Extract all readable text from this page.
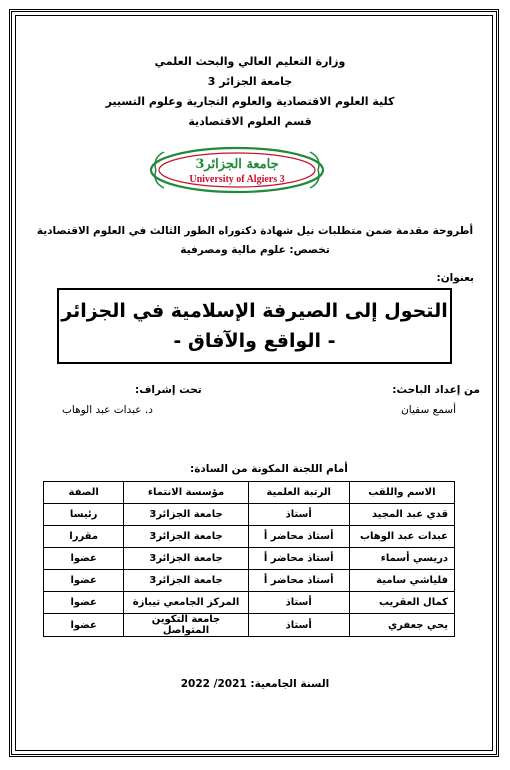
وزارة التعليم العالي والبحث العلمي
جامعة الجزائر 3
كلية العلوم الاقتصادية والعلوم التجارية وعلوم التسيير
قسم العلوم الاقتصادية
جامعة الجزائر3
University of Algiers 3
أطروحة مقدمة ضمن متطلبات نيل شهادة دكتوراه الطور الثالث في العلوم الاقتصادية
تخصص: علوم مالية ومصرفية
بعنوان:
التحول إلى الصيرفة الإسلامية في الجزائر
- الواقع والآفاق -
من إعداد الباحث:
تحت إشراف:
أسمع سفيان
د. عبدات عبد الوهاب
أمام اللجنة المكونة من السادة:
الاسم واللقب	الرتبة العلمية	مؤسسة الانتماء	الصفة
قدي عبد المجيد	أستاذ	جامعة الجزائر3	رئيسا
عبدات عبد الوهاب	أستاذ محاضر أ	جامعة الجزائر3	مقررا
دريسي أسماء	أستاذ محاضر أ	جامعة الجزائر3	عضوا
فلياشي سامية	أستاذ محاضر أ	جامعة الجزائر3	عضوا
كمال العقريب	أستاذ	المركز الجامعي تيبازة	عضوا
يحي جعفري	أستاذ	جامعة التكوين المتواصل	عضوا
السنة الجامعية: 2021/ 2022
